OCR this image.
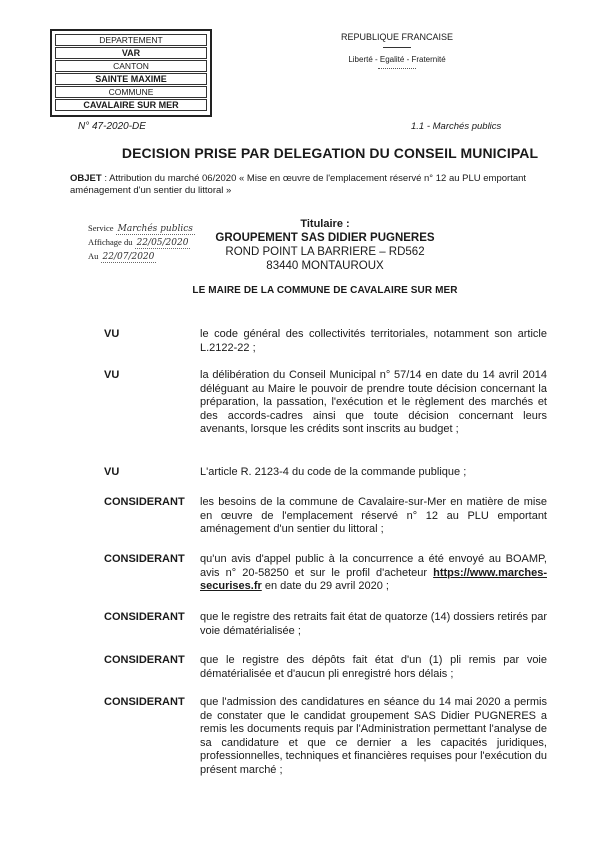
DEPARTEMENT
VAR
CANTON
SAINTE MAXIME
COMMUNE
CAVALAIRE SUR MER
REPUBLIQUE FRANCAISE
Liberté - Egalité - Fraternité
N° 47-2020-DE	1.1 - Marchés publics
DECISION PRISE PAR DELEGATION DU CONSEIL MUNICIPAL
OBJET : Attribution du marché 06/2020 « Mise en œuvre de l'emplacement réservé n° 12 au PLU emportant aménagement d'un sentier du littoral »
Service Marchés publics
Affichage du 22/05/2020
Au 22/07/2020
Titulaire :
GROUPEMENT SAS DIDIER PUGNERES
ROND POINT LA BARRIERE – RD562
83440 MONTAUROUX
LE MAIRE DE LA COMMUNE DE CAVALAIRE SUR MER
VU	le code général des collectivités territoriales, notamment son article L.2122-22 ;
VU	la délibération du Conseil Municipal n° 57/14 en date du 14 avril 2014 déléguant au Maire le pouvoir de prendre toute décision concernant la préparation, la passation, l'exécution et le règlement des marchés et des accords-cadres ainsi que toute décision concernant leurs avenants, lorsque les crédits sont inscrits au budget ;
VU	L'article R. 2123-4 du code de la commande publique ;
CONSIDERANT les besoins de la commune de Cavalaire-sur-Mer en matière de mise en œuvre de l'emplacement réservé n° 12 au PLU emportant aménagement d'un sentier du littoral ;
CONSIDERANT qu'un avis d'appel public à la concurrence a été envoyé au BOAMP, avis n° 20-58250 et sur le profil d'acheteur https://www.marches-securises.fr en date du 29 avril 2020 ;
CONSIDERANT que le registre des retraits fait état de quatorze (14) dossiers retirés par voie dématérialisée ;
CONSIDERANT que le registre des dépôts fait état d'un (1) pli remis par voie dématérialisée et d'aucun pli enregistré hors délais ;
CONSIDERANT que l'admission des candidatures en séance du 14 mai 2020 a permis de constater que le candidat groupement SAS Didier PUGNERES a remis les documents requis par l'Administration permettant l'analyse de sa candidature et que ce dernier a les capacités juridiques, professionnelles, techniques et financières requises pour l'exécution du présent marché ;
